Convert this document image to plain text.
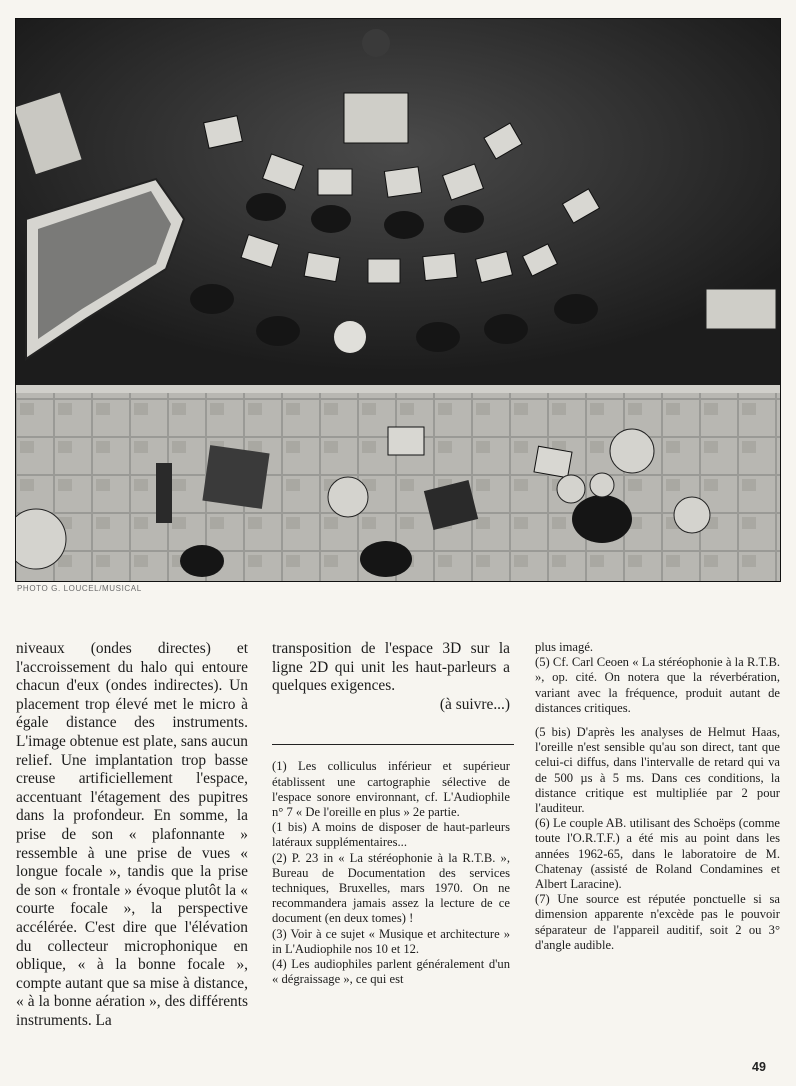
PHOTO G. LOUCEL/MUSICAL

niveaux (ondes directes) et l'accroissement du halo qui entoure chacun d'eux (ondes indirectes). Un placement trop élevé met le micro à égale distance des instruments. L'image obtenue est plate, sans aucun relief. Une implantation trop basse creuse artificiellement l'espace, accentuant l'étagement des pupitres dans la profondeur. En somme, la prise de son « plafonnante » ressemble à une prise de vues « longue focale », tandis que la prise de son « frontale » évoque plutôt la « courte focale », la perspective accélérée. C'est dire que l'élévation du collecteur microphonique en oblique, « à la bonne focale », compte autant que sa mise à distance, « à la bonne aération », des différents instruments. La

transposition de l'espace 3D sur la ligne 2D qui unit les haut-parleurs a quelques exigences.

(à suivre...)

(1) Les colliculus inférieur et supérieur établissent une cartographie sélective de l'espace sonore environnant, cf. L'Audiophile n° 7 « De l'oreille en plus » 2e partie.

(1 bis) A moins de disposer de haut-parleurs latéraux supplémentaires...

(2) P. 23 in « La stéréophonie à la R.T.B. », Bureau de Documentation des services techniques, Bruxelles, mars 1970. On ne recommandera jamais assez la lecture de ce document (en deux tomes) !

(3) Voir à ce sujet « Musique et architecture » in L'Audiophile nos 10 et 12.

(4) Les audiophiles parlent généralement d'un « dégraissage », ce qui est

plus imagé.

(5) Cf. Carl Ceoen « La stéréophonie à la R.T.B. », op. cité. On notera que la réverbération, variant avec la fréquence, produit autant de distances critiques.

(5 bis) D'après les analyses de Helmut Haas, l'oreille n'est sensible qu'au son direct, tant que celui-ci diffus, dans l'intervalle de retard qui va de 500 µs à 5 ms. Dans ces conditions, la distance critique est multipliée par 2 pour l'auditeur.

(6) Le couple AB. utilisant des Schoëps (comme toute l'O.R.T.F.) a été mis au point dans les années 1962-65, dans le laboratoire de M. Chatenay (assisté de Roland Condamines et Albert Laracine).

(7) Une source est réputée ponctuelle si sa dimension apparente n'excède pas le pouvoir séparateur de l'appareil auditif, soit 2 ou 3° d'angle audible.

49
